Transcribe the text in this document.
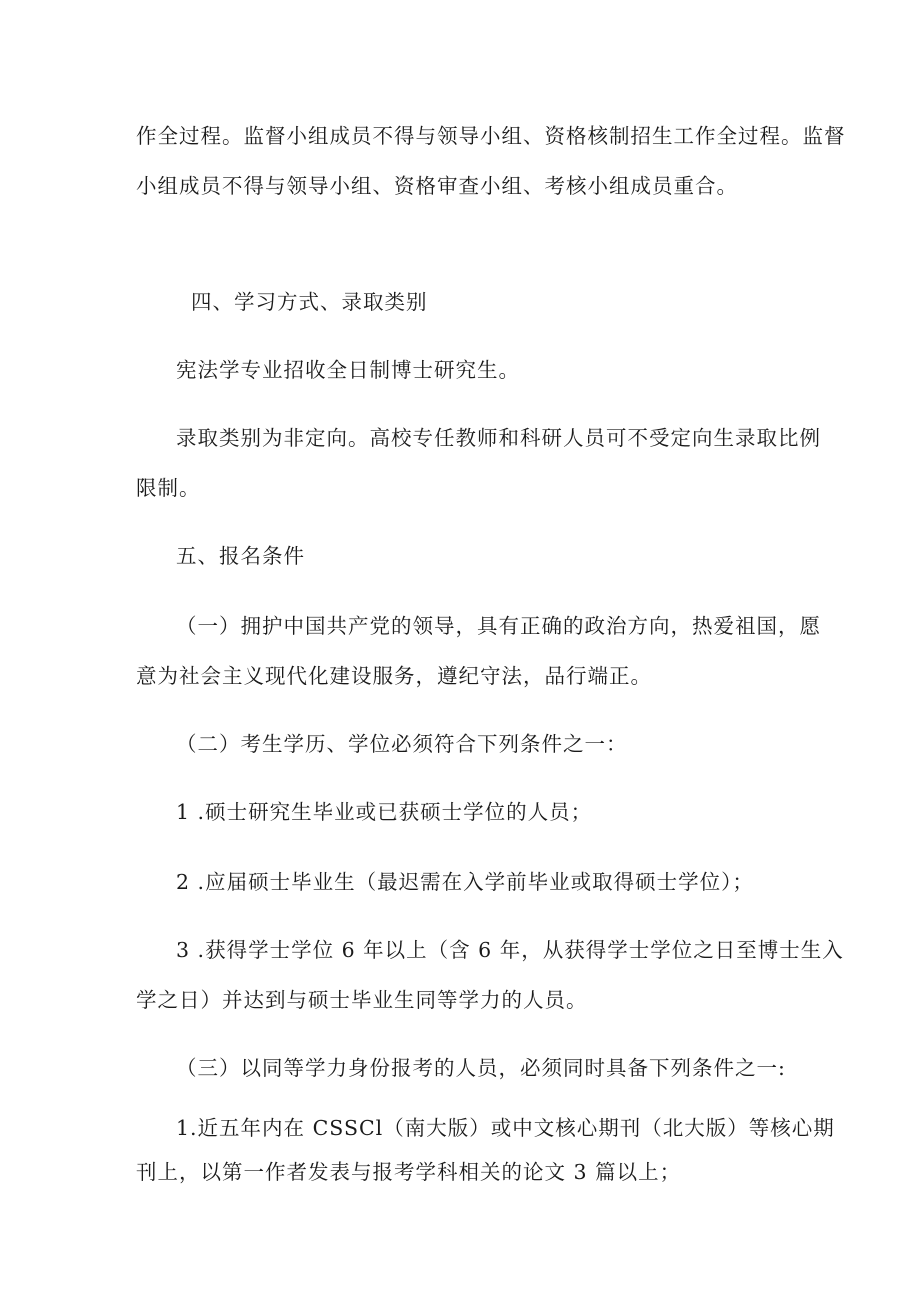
作全过程。监督小组成员不得与领导小组、资格核制招生工作全过程。监督
小组成员不得与领导小组、资格审查小组、考核小组成员重合。
四、学习方式、录取类别
宪法学专业招收全日制博士研究生。
录取类别为非定向。高校专任教师和科研人员可不受定向生录取比例
限制。
五、报名条件
（一）拥护中国共产党的领导，具有正确的政治方向，热爱祖国，愿
意为社会主义现代化建设服务，遵纪守法，品行端正。
（二）考生学历、学位必须符合下列条件之一：
1 .硕士研究生毕业或已获硕士学位的人员；
2 .应届硕士毕业生（最迟需在入学前毕业或取得硕士学位）；
3 .获得学士学位 6 年以上（含 6 年，从获得学士学位之日至博士生入
学之日）并达到与硕士毕业生同等学力的人员。
（三）以同等学力身份报考的人员，必须同时具备下列条件之一:
1.近五年内在 CSSCl（南大版）或中文核心期刊（北大版）等核心期
刊上，以第一作者发表与报考学科相关的论文 3 篇以上；
